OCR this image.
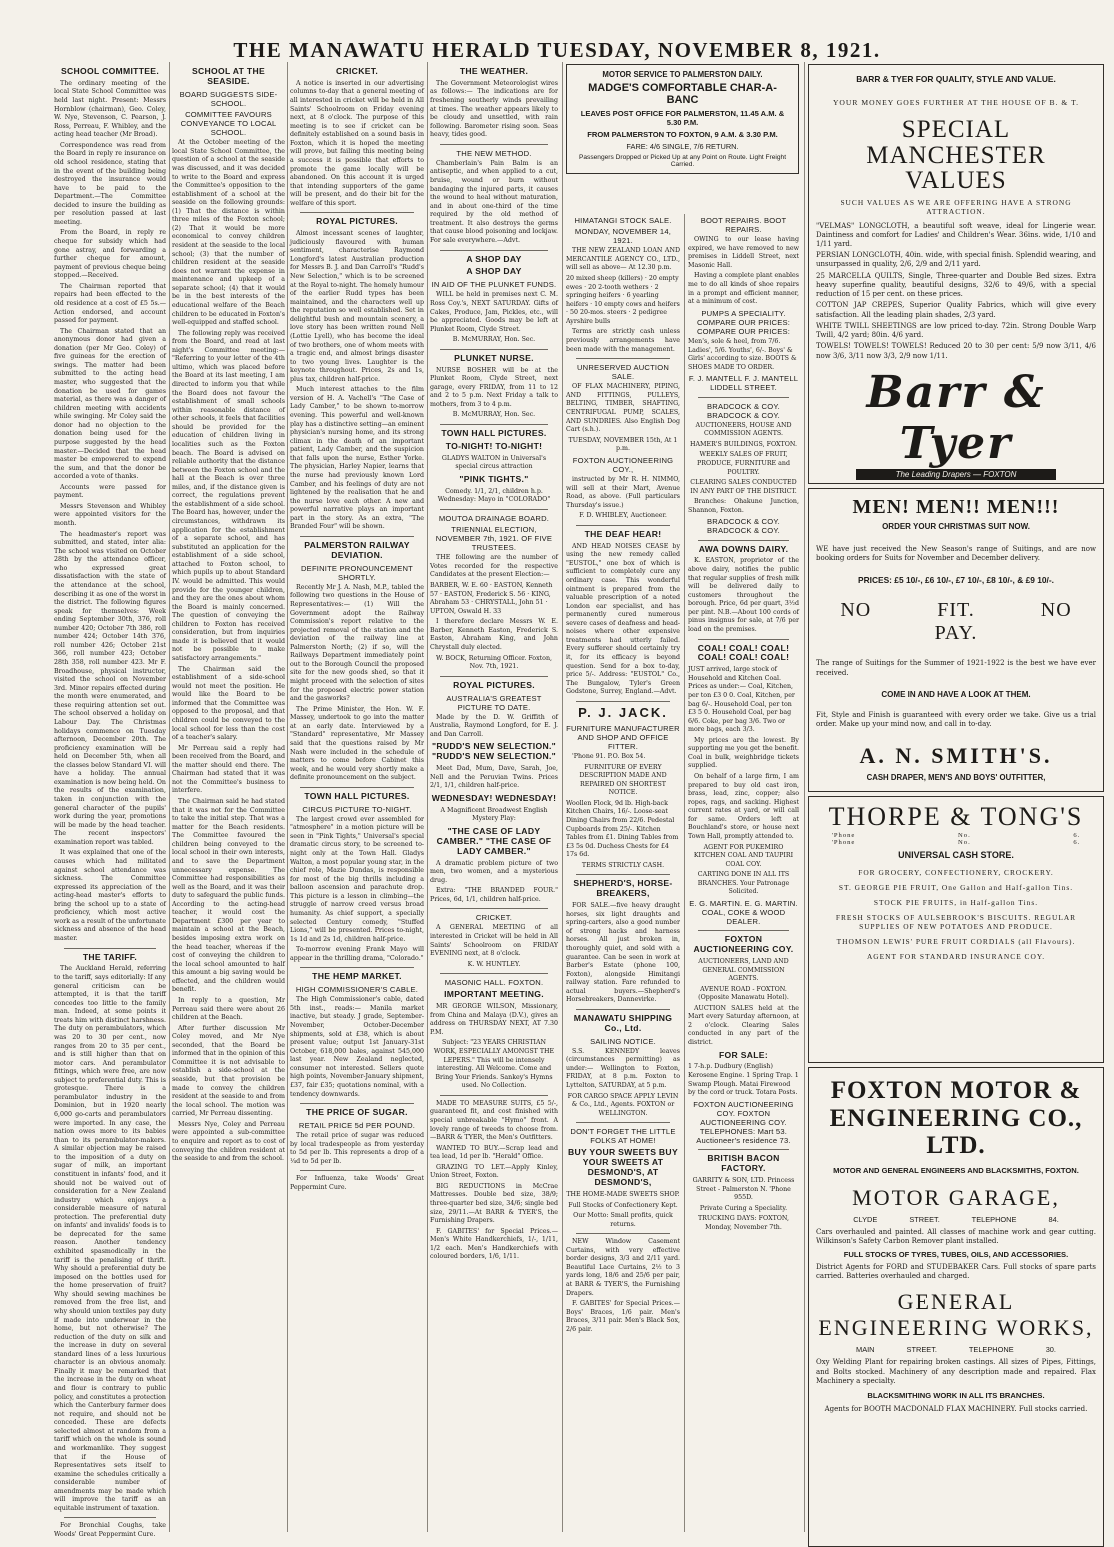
THE MANAWATU HERALD TUESDAY, NOVEMBER 8, 1921.
SCHOOL COMMITTEE.

The ordinary meeting of the local State School Committee was held last night. Present: Messrs Hornblow (chairman), Geo. Coley, W. Nye, Stevenson, C. Pearson, J. Ross, Perreau, F. Whibley, and the acting head teacher (Mr Broad).

Correspondence was read from the Board in reply re insurance on old school residence, stating that in the event of the building being destroyed the insurance would have to be paid to the Department.—The Committee decided to insure the building as per resolution passed at last meeting.

From the Board, in reply re cheque for subsidy which had gone astray, and forwarding a further cheque for amount, payment of previous cheque being stopped.—Received.

The Chairman reported that repairs had been effected to the old residence at a cost of £5 5s.—Action endorsed, and account passed for payment.

The Chairman stated that an anonymous donor had given a donation (per Mr Geo. Coley) of five guineas for the erection of swings. The matter had been submitted to the acting head master, who suggested that the donation be used for games material, as there was a danger of children meeting with accidents while swinging. Mr Coley said the donor had no objection to the donation being used for the purpose suggested by the head master.—Decided that the head master be empowered to expend the sum, and that the donor be accorded a vote of thanks.

Accounts were passed for payment.

Messrs Stevenson and Whibley were appointed visitors for the month.

The headmaster's report was submitted, and stated, inter alia: The school was visited on October 28th by the attendance officer, who expressed great dissatisfaction with the state of the attendance at the school, describing it as one of the worst in the district. The following figures speak for themselves: Week ending September 30th, 376, roll number 420; October 7th 386, roll number 424; October 14th 376, roll number 426; October 21st 366, roll number 423; October 28th 358, roll number 423. Mr F. Broadhouse, physical instructor, visited the school on November 3rd. Minor repairs effected during the month were enumerated, and these requiring attention set out. The school observed a holiday on Labour Day. The Christmas holidays commence on Tuesday afternoon, December 20th. The proficiency examination will be held on December 5th, when all the classes below Standard VI. will have a holiday. The annual examination is now being held. On the results of the examination, taken in conjunction with the general character of the pupils' work during the year, promotions will be made by the head teacher. The recent inspectors' examination report was tabled.

It was explained that one of the causes which had militated against school attendance was sickness. The Committee expressed its appreciation of the acting-head master's efforts to bring the school up to a state of proficiency, which most active work as a result of the unfortunate sickness and absence of the head master.

THE TARIFF.

The Auckland Herald, referring to the tariff, says editorially: If any general criticism can be attempted, it is that the tariff concedes too little to the family man. Indeed, at some points it treats him with distinct harshness. The duty on perambulators, which was 20 to 30 per cent., now ranges from 20 to 35 per cent., and is still higher than that on motor cars. And perambulator fittings, which were free, are now subject to preferential duty. This is grotesque. There is a perambulator industry in the Dominion, but in 1920 nearly 6,000 go-carts and perambulators were imported. In any case, the nation owes more to its babies than to its perambulator-makers. A similar objection may be raised to the imposition of a duty on sugar of milk, an important constituent in infants' food, and it should not be waived out of consideration for a New Zealand industry which enjoys a considerable measure of natural protection. The preferential duty on infants' and invalids' foods is to be deprecated for the same reason. Another tendency exhibited spasmodically in the tariff is the penalising of thrift. Why should a preferential duty be imposed on the bottles used for the home preservation of fruit? Why should sewing machines be removed from the free list, and why should union textiles pay duty if made into underwear in the home, but not otherwise? The reduction of the duty on silk and the increase in duty on several standard lines of a less luxurious character is an obvious anomaly. Finally it may be remarked that the increase in the duty on wheat and flour is contrary to public policy, and constitutes a protection which the Canterbury farmer does not require, and should not be conceded. These are defects selected almost at random from a tariff which on the whole is sound and workmanlike. They suggest that if the House of Representatives sets itself to examine the schedules critically a considerable number of amendments may be made which will improve the tariff as an equitable instrument of taxation.

For Bronchial Coughs, take Woods' Great Peppermint Cure.

SCHOOL AT THE SEASIDE.
BOARD SUGGESTS SIDE-SCHOOL.
COMMITTEE FAVOURS CONVEYANCE TO LOCAL SCHOOL.

At the October meeting of the local State School Committee, the question of a school at the seaside was discussed, and it was decided to write to the Board and express the Committee's opposition to the establishment of a school at the seaside on the following grounds: (1) That the distance is within three miles of the Foxton school; (2) That it would be more economical to convey children resident at the seaside to the local school; (3) that the number of children resident at the seaside does not warrant the expense in maintenance and upkeep of a separate school; (4) that it would be in the best interests of the educational welfare of the Beach children to be educated in Foxton's well-equipped and staffed school.

The following reply was received from the Board, and read at last night's Committee meeting:— "Referring to your letter of the 4th ultimo, which was placed before the Board at its last meeting, I am directed to inform you that while the Board does not favour the establishment of small schools within reasonable distance of other schools, it feels that facilities should be provided for the education of children living in localities such as the Foxton beach. The Board is advised on reliable authority that the distance between the Foxton school and the hall at the Beach is over three miles, and, if the distance given is correct, the regulations prevent the establishment of a side school. The Board has, however, under the circumstances, withdrawn its application for the establishment of a separate school, and has substituted an application for the establishment of a side school, attached to Foxton school, to which pupils up to about Standard IV. would be admitted. This would provide for the younger children, and they are the ones about whom the Board is mainly concerned. The question of conveying the children to Foxton has received consideration, but from inquiries made it is believed that it would not be possible to make satisfactory arrangements."

The Chairman said the establishment of a side-school would not meet the position. He would like the Board to be informed that the Committee was opposed to the proposal, and that children could be conveyed to the local school for less than the cost of a teacher's salary.

Mr Perreau said a reply had been received from the Board, and the matter should end there. The Chairman had stated that it was not the Committee's business to interfere.

The Chairman said he had stated that it was not for the Committee to take the initial step. That was a matter for the Beach residents. The Committee favoured the children being conveyed to the local school in their own interests, and to save the Department unnecessary expense. The Committee had responsibilities as well as the Board, and it was their duty to safeguard the public funds. According to the acting-head teacher, it would cost the Department £300 per year to maintain a school at the Beach, besides imposing extra work on the head teacher, whereas if the cost of conveying the children to the local school amounted to half this amount a big saving would be effected, and the children would benefit.

In reply to a question, Mr Perreau said there were about 26 children at the Beach.

After further discussion Mr Coley moved, and Mr Nye seconded, that the Board be informed that in the opinion of this Committee it is not advisable to establish a side-school at the seaside, but that provision be made to convey the children resident at the seaside to and from the local school. The motion was carried, Mr Perreau dissenting.

Messrs Nye, Coley and Perreau were appointed a sub-committee to enquire and report as to cost of conveying the children resident at the seaside to and from the school.

CRICKET.

A notice is inserted in our advertising columns to-day that a general meeting of all interested in cricket will be held in All Saints' Schoolroom on Friday evening next, at 8 o'clock. The purpose of this meeting is to see if cricket can be definitely established on a sound basis in Foxton, which it is hoped the meeting will prove, but failing this meeting being a success it is possible that efforts to promote the game locally will be abandoned. On this account it is urged that intending supporters of the game will be present, and do their bit for the welfare of this sport.

ROYAL PICTURES.

Almost incessant scenes of laughter, judiciously flavoured with human sentiment, characterise Raymond Longford's latest Australian production for Messrs B. J. and Dan Carroll's "Rudd's New Selection," which is to be screened at the Royal to-night. The homely humour of the earlier Rudd types has been maintained, and the characters well up the reputation so well established. Set in delightful bush and mountain scenery, a love story has been written round Nell (Lottie Lyell), who has become the ideal of two brothers, one of whom meets with a tragic end, and almost brings disaster to two young lives. Laughter is the keynote throughout. Prices, 2s and 1s, plus tax, children half-price.

Much interest attaches to the film version of H. A. Vachell's "The Case of Lady Camber," to be shown to-morrow evening. This powerful and well-known play has a distinctive setting—an eminent physician's nursing home, and its strong climax in the death of an important patient, Lady Camber, and the suspicion that falls upon the nurse, Esther Yorke. The physician, Harley Napier, learns that the nurse had previously known Lord Camber, and his feelings of duty are not lightened by the realisation that he and the nurse love each other. A new and powerful narrative plays an important part in the story. As an extra, "The Branded Four" will be shown.

PALMERSTON RAILWAY DEVIATION.
DEFINITE PRONOUNCEMENT SHORTLY.

Recently Mr J. A. Nash, M.P., tabled the following two questions in the House of Representatives:— (1) Will the Government adopt the Railway Commission's report relative to the projected removal of the station and the deviation of the railway line at Palmerston North; (2) if so, will the Railways Department immediately point out to the Borough Council the proposed site for the new goods shed, so that it might proceed with the selection of sites for the proposed electric power station and the gasworks?

The Prime Minister, the Hon. W. F. Massey, undertook to go into the matter at an early date. Interviewed by a "Standard" representative, Mr Massey said that the questions raised by Mr Nash were included in the schedule of matters to come before Cabinet this week, and he would very shortly make a definite pronouncement on the subject.

TOWN HALL PICTURES.
CIRCUS PICTURE TO-NIGHT.

The largest crowd ever assembled for "atmosphere" in a motion picture will be seen in "Pink Tights," Universal's special dramatic circus story, to be screened to-night only at the Town Hall. Gladys Walton, a most popular young star, in the chief role, Mazie Dundas, is responsible for most of the big thrills including a balloon ascension and parachute drop. This picture is a lesson in climbing—the struggle of narrow creed versus broad humanity. As chief support, a specially selected Century comedy, "Stuffed Lions," will be presented. Prices to-night, 1s 1d and 2s 1d, children half-price.

To-morrow evening Frank Mayo will appear in the thrilling drama, "Colorado."

THE HEMP MARKET.
HIGH COMMISSIONER'S CABLE.

The High Commissioner's cable, dated 5th inst., reads:— Manila market inactive, but steady. J grade, September-November, October-December shipments, sold at £38, which is about present value; output 1st January-31st October, 618,000 bales, against 545,000 last year. New Zealand neglected, consumer not interested. Sellers quote high points, November-January shipment, £37, fair £35; quotations nominal, with a tendency downwards.

THE PRICE OF SUGAR.
RETAIL PRICE 5d PER POUND.

The retail price of sugar was reduced by local tradespeople as from yesterday to 5d per lb. This represents a drop of a ¼d to 5d per lb.

For Influenza, take Woods' Great Peppermint Cure.

THE WEATHER.

The Government Meteorologist wires as follows:— The indications are for freshening southerly winds prevailing at times. The weather appears likely to be cloudy and unsettled, with rain following. Barometer rising soon. Seas heavy, tides good.

THE NEW METHOD.

Chamberlain's Pain Balm is an antiseptic, and when applied to a cut, bruise, wound or burn without bandaging the injured parts, it causes the wound to heal without maturation, and in about one-third of the time required by the old method of treatment. It also destroys the germs that cause blood poisoning and lockjaw. For sale everywhere.—Advt.

A SHOP DAY
A SHOP DAY
IN AID OF THE PLUNKET FUNDS.

WILL be held in premises next C. M. Ross Coy.'s, NEXT SATURDAY. Gifts of Cakes, Produce, Jam, Pickles, etc., will be appreciated. Goods may be left at Plunket Room, Clyde Street.

B. McMURRAY, Hon. Sec.

PLUNKET NURSE.

NURSE BOSHER will be at the Plunket Room, Clyde Street, next garage, every FRIDAY, from 11 to 12 and 2 to 5 p.m. Next Friday a talk to mothers, from 3 to 4 p.m.

B. McMURRAY, Hon. Sec.

TOWN HALL PICTURES.
TO-NIGHT! TO-NIGHT!

GLADYS WALTON in Universal's special circus attraction

"PINK TIGHTS."

Comedy. 1/1, 2/1, children h.p. Wednesday: Mayo in "COLORADO"

MOUTOA DRAINAGE BOARD.
TRIENNIAL ELECTION, NOVEMBER 7th, 1921. OF FIVE TRUSTEES.

THE following are the number of Votes recorded for the respective Candidates at the present Election:—

BARBER, W. E. 60 · EASTON, Kenneth 57 · EASTON, Frederick S. 56 · KING, Abraham 53 · CHRYSTALL, John 51 · UPTON, Oswald H. 33

I therefore declare Messrs W. E. Barber, Kenneth Easton, Frederick S. Easton, Abraham King, and John Chrystall duly elected.

W. BOCK, Returning Officer. Foxton, Nov. 7th, 1921.

ROYAL PICTURES.
AUSTRALIA'S GREATEST PICTURE TO DATE.

Made by the D. W. Griffith of Australia, Raymond Longford, for E. J. and Dan Carroll.

"RUDD'S NEW SELECTION." "RUDD'S NEW SELECTION."

Meet Dad, Mum, Dave, Sarah, Joe, Nell and the Peruvian Twins. Prices 2/1, 1/1, children half-price.

WEDNESDAY! WEDNESDAY!

A Magnificent Broadwest English Mystery Play:

"THE CASE OF LADY CAMBER." "THE CASE OF LADY CAMBER."

A dramatic problem picture of two men, two women, and a mysterious drug.

Extra: "THE BRANDED FOUR." Prices, 6d, 1/1, children half-price.

CRICKET.

A GENERAL MEETING of all interested in Cricket will be held in All Saints' Schoolroom on FRIDAY EVENING next, at 8 o'clock.

K. W. HUNTLEY.

MASONIC HALL. FOXTON.
IMPORTANT MEETING.

MR GEORGE WILSON, Missionary, from China and Malaya (D.V.), gives an address on THURSDAY NEXT, AT 7.30 P.M.

Subject: "23 YEARS CHRISTIAN WORK, ESPECIALLY AMONGST THE LEPERS." This will be intensely interesting. All Welcome. Come and Bring Your Friends. Sankey's Hymns used. No Collection.

MADE TO MEASURE SUITS, £5 5/-, guaranteed fit, and cost finished with special unbreakable "Hymo" front. A lovely range of tweeds to choose from.—BARR & TYER, the Men's Outfitters.

WANTED TO BUY.—Scrap lead and tea lead, 1d per lb. "Herald" Office.

GRAZING TO LET.—Apply Kinley, Union Street, Foxton.

BIG REDUCTIONS in McCrae Mattresses. Double bed size, 38/9; three-quarter bed size, 34/6; single bed size, 29/11.—At BARR & TYER'S, the Furnishing Drapers.

F. GABITES' for Special Prices.— Men's White Handkerchiefs, 1/-, 1/11, 1/2 each. Men's Handkerchiefs with coloured borders, 1/6, 1/11.

MOTOR SERVICE TO PALMERSTON DAILY.
MADGE'S COMFORTABLE CHAR-A-BANC
LEAVES POST OFFICE FOR PALMERSTON, 11.45 A.M. & 5.30 P.M.
FROM PALMERSTON TO FOXTON, 9 A.M. & 3.30 P.M.
FARE: 4/6 SINGLE, 7/6 RETURN.
Passengers Dropped or Picked Up at any Point on Route. Light Freight Carried.
HIMATANGI STOCK SALE.
MONDAY, NOVEMBER 14, 1921.

THE NEW ZEALAND LOAN AND MERCANTILE AGENCY CO., LTD., will sell as above— At 12.30 p.m.

20 mixed sheep (killers) · 20 empty ewes · 20 2-tooth wethers · 2 springing heifers · 6 yearling heifers · 10 empty cows and heifers · 50 20-mos. steers · 2 pedigree Ayrshire bulls

Terms are strictly cash unless previously arrangements have been made with the management.

UNRESERVED AUCTION SALE.

OF FLAX MACHINERY, PIPING, AND FITTINGS, PULLEYS, BELTING, TIMBER, SHAFTING, CENTRIFUGAL PUMP, SCALES, AND SUNDRIES. Also English Dog Cart (s.h.).

TUESDAY, NOVEMBER 15th, At 1 p.m.

FOXTON AUCTIONEERING COY.,

instructed by Mr R. H. NIMMO, will sell at their Mart, Avenue Road, as above. (Full particulars Thursday's issue.)

F. D. WHIBLEY, Auctioneer.

THE DEAF HEAR!

AND HEAD NOISES CEASE by using the new remedy called "EUSTOL," one box of which is sufficient to completely cure any ordinary case. This wonderful ointment is prepared from the valuable prescription of a noted London ear specialist, and has permanently cured numerous severe cases of deafness and head-noises where other expensive treatments had utterly failed. Every sufferer should certainly try it, for its efficacy is beyond question. Send for a box to-day, price 5/-. Address: "EUSTOL" Co., The Bungalow, Tyler's Green Godstone, Surrey, England.—Advt.

P. J. JACK.
FURNITURE MANUFACTURER AND SHOP AND OFFICE FITTER.

'Phone 91. P.O. Box 54.

FURNITURE OF EVERY DESCRIPTION MADE AND REPAIRED ON SHORTEST NOTICE.

Woollen Flock, 9d lb. High-back Kitchen Chairs, 16/-. Loose-seat Dining Chairs from 22/6. Pedestal Cupboards from 25/-. Kitchen Tables from £1. Dining Tables from £3 5s 0d. Duchess Chests for £4 17s 6d.

TERMS STRICTLY CASH.

SHEPHERD'S, HORSE-BREAKERS,

FOR SALE.—five heavy draught horses, six light draughts and spring-carters, also a good number of strong hacks and harness horses. All just broken in, thoroughly quiet, and sold with a guarantee. Can be seen in work at Barber's Estate (phone 100, Foxton), alongside Himitangi railway station. Fare refunded to actual buyers.—Shepherd's Horsebreakers, Dannevirke.

MANAWATU SHIPPING Co., Ltd.
SAILING NOTICE.

S.S. KENNEDY leaves (circumstances permitting) as under:— Wellington to Foxton, FRIDAY, at 8 p.m. Foxton to Lyttelton, SATURDAY, at 5 p.m.

FOR CARGO SPACE APPLY LEVIN & Co., Ltd., Agents. FOXTON or WELLINGTON.

DON'T FORGET THE LITTLE FOLKS AT HOME!
BUY YOUR SWEETS BUY YOUR SWEETS AT DESMOND'S, AT DESMOND'S,

THE HOME-MADE SWEETS SHOP.

Full Stocks of Confectionery Kept.

Our Motto: Small profits, quick returns.

NEW Window Casement Curtains, with very effective border designs, 3/3 and 2/11 yard. Beautiful Lace Curtains, 2½ to 3 yards long, 18/6 and 25/6 per pair, at BARR & TYER'S, the Furnishing Drapers.

F. GABITES' for Special Prices.— Boys' Braces, 1/6 pair. Men's Braces, 3/11 pair. Men's Black Sox, 2/6 pair.

BOOT REPAIRS. BOOT REPAIRS.

OWING to our lease having expired, we have removed to new premises in Liddell Street, next Masonic Hall.

Having a complete plant enables me to do all kinds of shoe repairs in a prompt and efficient manner, at a minimum of cost.

PUMPS A SPECIALITY. COMPARE OUR PRICES: COMPARE OUR PRICES:

Men's, sole & heel, from 7/6. Ladies', 5/6. Youths', 6/-. Boys' & Girls' according to size. BOOTS & SHOES MADE TO ORDER.

F. J. MANTELL F. J. MANTELL LIDDELL STREET.
BRADCOCK & COY. BRADCOCK & COY.

AUCTIONEERS, HOUSE AND COMMISSION AGENTS.

HAMER'S BUILDINGS, FOXTON.

WEEKLY SALES OF FRUIT, PRODUCE, FURNITURE and POULTRY.

CLEARING SALES CONDUCTED IN ANY PART OF THE DISTRICT.

Branches: Ohakune Junction, Shannon, Foxton.

BRADCOCK & COY. BRADCOCK & COY.
AWA DOWNS DAIRY.

K. EASTON, proprietor of the above dairy, notifies the public that regular supplies of fresh milk will be delivered daily to customers throughout the borough. Price, 6d per quart, 3½d per pint. N.B.—About 100 cords of pinus insignus for sale, at 7/6 per load on the premises.

COAL! COAL! COAL! COAL! COAL! COAL!

JUST arrived, large stock of Household and Kitchen Coal. Prices as under:— Coal, Kitchen, per ton £3 0 0. Coal, Kitchen, per bag 6/-. Household Coal, per ton £3 5 0. Household Coal, per bag 6/6. Coke, per bag 3/6. Two or more bags, each 3/3.

My prices are the lowest. By supporting me you get the benefit. Coal in bulk, weighbridge tickets supplied.

On behalf of a large firm, I am prepared to buy old cast iron, brass, lead, zinc, copper; also ropes, rags, and sacking. Highest current rates at yard, or will call for same. Orders left at Bouchland's store, or house next Town Hall, promptly attended to.

AGENT FOR PUKEMIRO KITCHEN COAL AND TAUPIRI COAL COY.

CARTING DONE IN ALL ITS BRANCHES. Your Patronage Solicited.

E. G. MARTIN. E. G. MARTIN. COAL, COKE & WOOD DEALER.
FOXTON AUCTIONEERING COY.

AUCTIONEERS, LAND AND GENERAL COMMISSION AGENTS.

AVENUE ROAD - FOXTON. (Opposite Manawatu Hotel).

AUCTION SALES held at the Mart every Saturday afternoon, at 2 o'clock. Clearing Sales conducted in any part of the district.

FOR SALE:

1 7-h.p. Dudbury (English) Kerosene Engine. 1 Spring Trap. 1 Swamp Plough. Matai Firewood by the cord or truck. Totara Posts.

FOXTON AUCTIONEERING COY. FOXTON AUCTIONEERING COY. TELEPHONES: Mart 53. Auctioneer's residence 73.
BRITISH BACON FACTORY.

GARRITY & SON, LTD. Princess Street - Palmerston N. 'Phone 955D.

Private Curing a Speciality.

TRUCKING DAYS: FOXTON, Monday, November 7th.

BARR & TYER FOR QUALITY, STYLE AND VALUE.
YOUR MONEY GOES FURTHER AT THE HOUSE OF B. & T.
SPECIAL MANCHESTER VALUES
SUCH VALUES AS WE ARE OFFERING HAVE A STRONG ATTRACTION.

"VELMAS" LONGCLOTH, a beautiful soft weave, ideal for Lingerie wear. Daintiness and comfort for Ladies' and Children's Wear. 36ins. wide, 1/10 and 1/11 yard.

PERSIAN LONGCLOTH, 40in. wide, with special finish. Splendid wearing, and unsurpassed in quality, 2/6, 2/9 and 2/11 yard.

25 MARCELLA QUILTS, Single, Three-quarter and Double Bed sizes. Extra heavy superfine quality, beautiful designs, 32/6 to 49/6, with a special reduction of 15 per cent. on these prices.

COTTON JAP CREPES, Superior Quality Fabrics, which will give every satisfaction. All the leading plain shades, 2/3 yard.

WHITE TWILL SHEETINGS are low priced to-day. 72in. Strong Double Warp Twill, 4/2 yard; 80in. 4/6 yard.

TOWELS! TOWELS! TOWELS! Reduced 20 to 30 per cent: 5/9 now 3/11, 4/6 now 3/6, 3/11 now 3/3, 2/9 now 1/11.

Barr & Tyer
The Leading Drapers — FOXTON
MEN! MEN!! MEN!!!
ORDER YOUR CHRISTMAS SUIT NOW.

WE have just received the New Season's range of Suitings, and are now booking orders for Suits for November and December delivery.

PRICES: £5 10/-, £6 10/-, £7 10/-, £8 10/-, & £9 10/-.
NO FIT. NO PAY.

The range of Suitings for the Summer of 1921-1922 is the best we have ever received.

COME IN AND HAVE A LOOK AT THEM.

Fit, Style and Finish is guaranteed with every order we take. Give us a trial order. Make up your mind now, and call in to-day.

A. N. SMITH'S.
CASH DRAPER, MEN'S AND BOYS' OUTFITTER,
THORPE & TONG'S
'Phone No. 6. 'Phone No. 6.
UNIVERSAL CASH STORE.
FOR GROCERY, CONFECTIONERY, CROCKERY.
ST. GEORGE PIE FRUIT, One Gallon and Half-gallon Tins.
STOCK PIE FRUITS, in Half-gallon Tins.
FRESH STOCKS OF AULSEBROOK'S BISCUITS. REGULAR SUPPLIES OF NEW POTATOES AND PRODUCE.
THOMSON LEWIS' PURE FRUIT CORDIALS (all Flavours).
AGENT FOR STANDARD INSURANCE COY.
FOXTON MOTOR & ENGINEERING CO., LTD.
MOTOR AND GENERAL ENGINEERS AND BLACKSMITHS, FOXTON.
MOTOR GARAGE,
CLYDE STREET. TELEPHONE 84.

Cars overhauled and painted. All classes of machine work and gear cutting. Wilkinson's Safety Carbon Remover plant installed.

FULL STOCKS OF TYRES, TUBES, OILS, AND ACCESSORIES.

District Agents for FORD and STUDEBAKER Cars. Full stocks of spare parts carried. Batteries overhauled and charged.

GENERAL ENGINEERING WORKS,
MAIN STREET. TELEPHONE 30.

Oxy Welding Plant for repairing broken castings. All sizes of Pipes, Fittings, and Bolts stocked. Machinery of any description made and repaired. Flax Machinery a specialty.

BLACKSMITHING WORK IN ALL ITS BRANCHES.

Agents for BOOTH MACDONALD FLAX MACHINERY. Full stocks carried.
